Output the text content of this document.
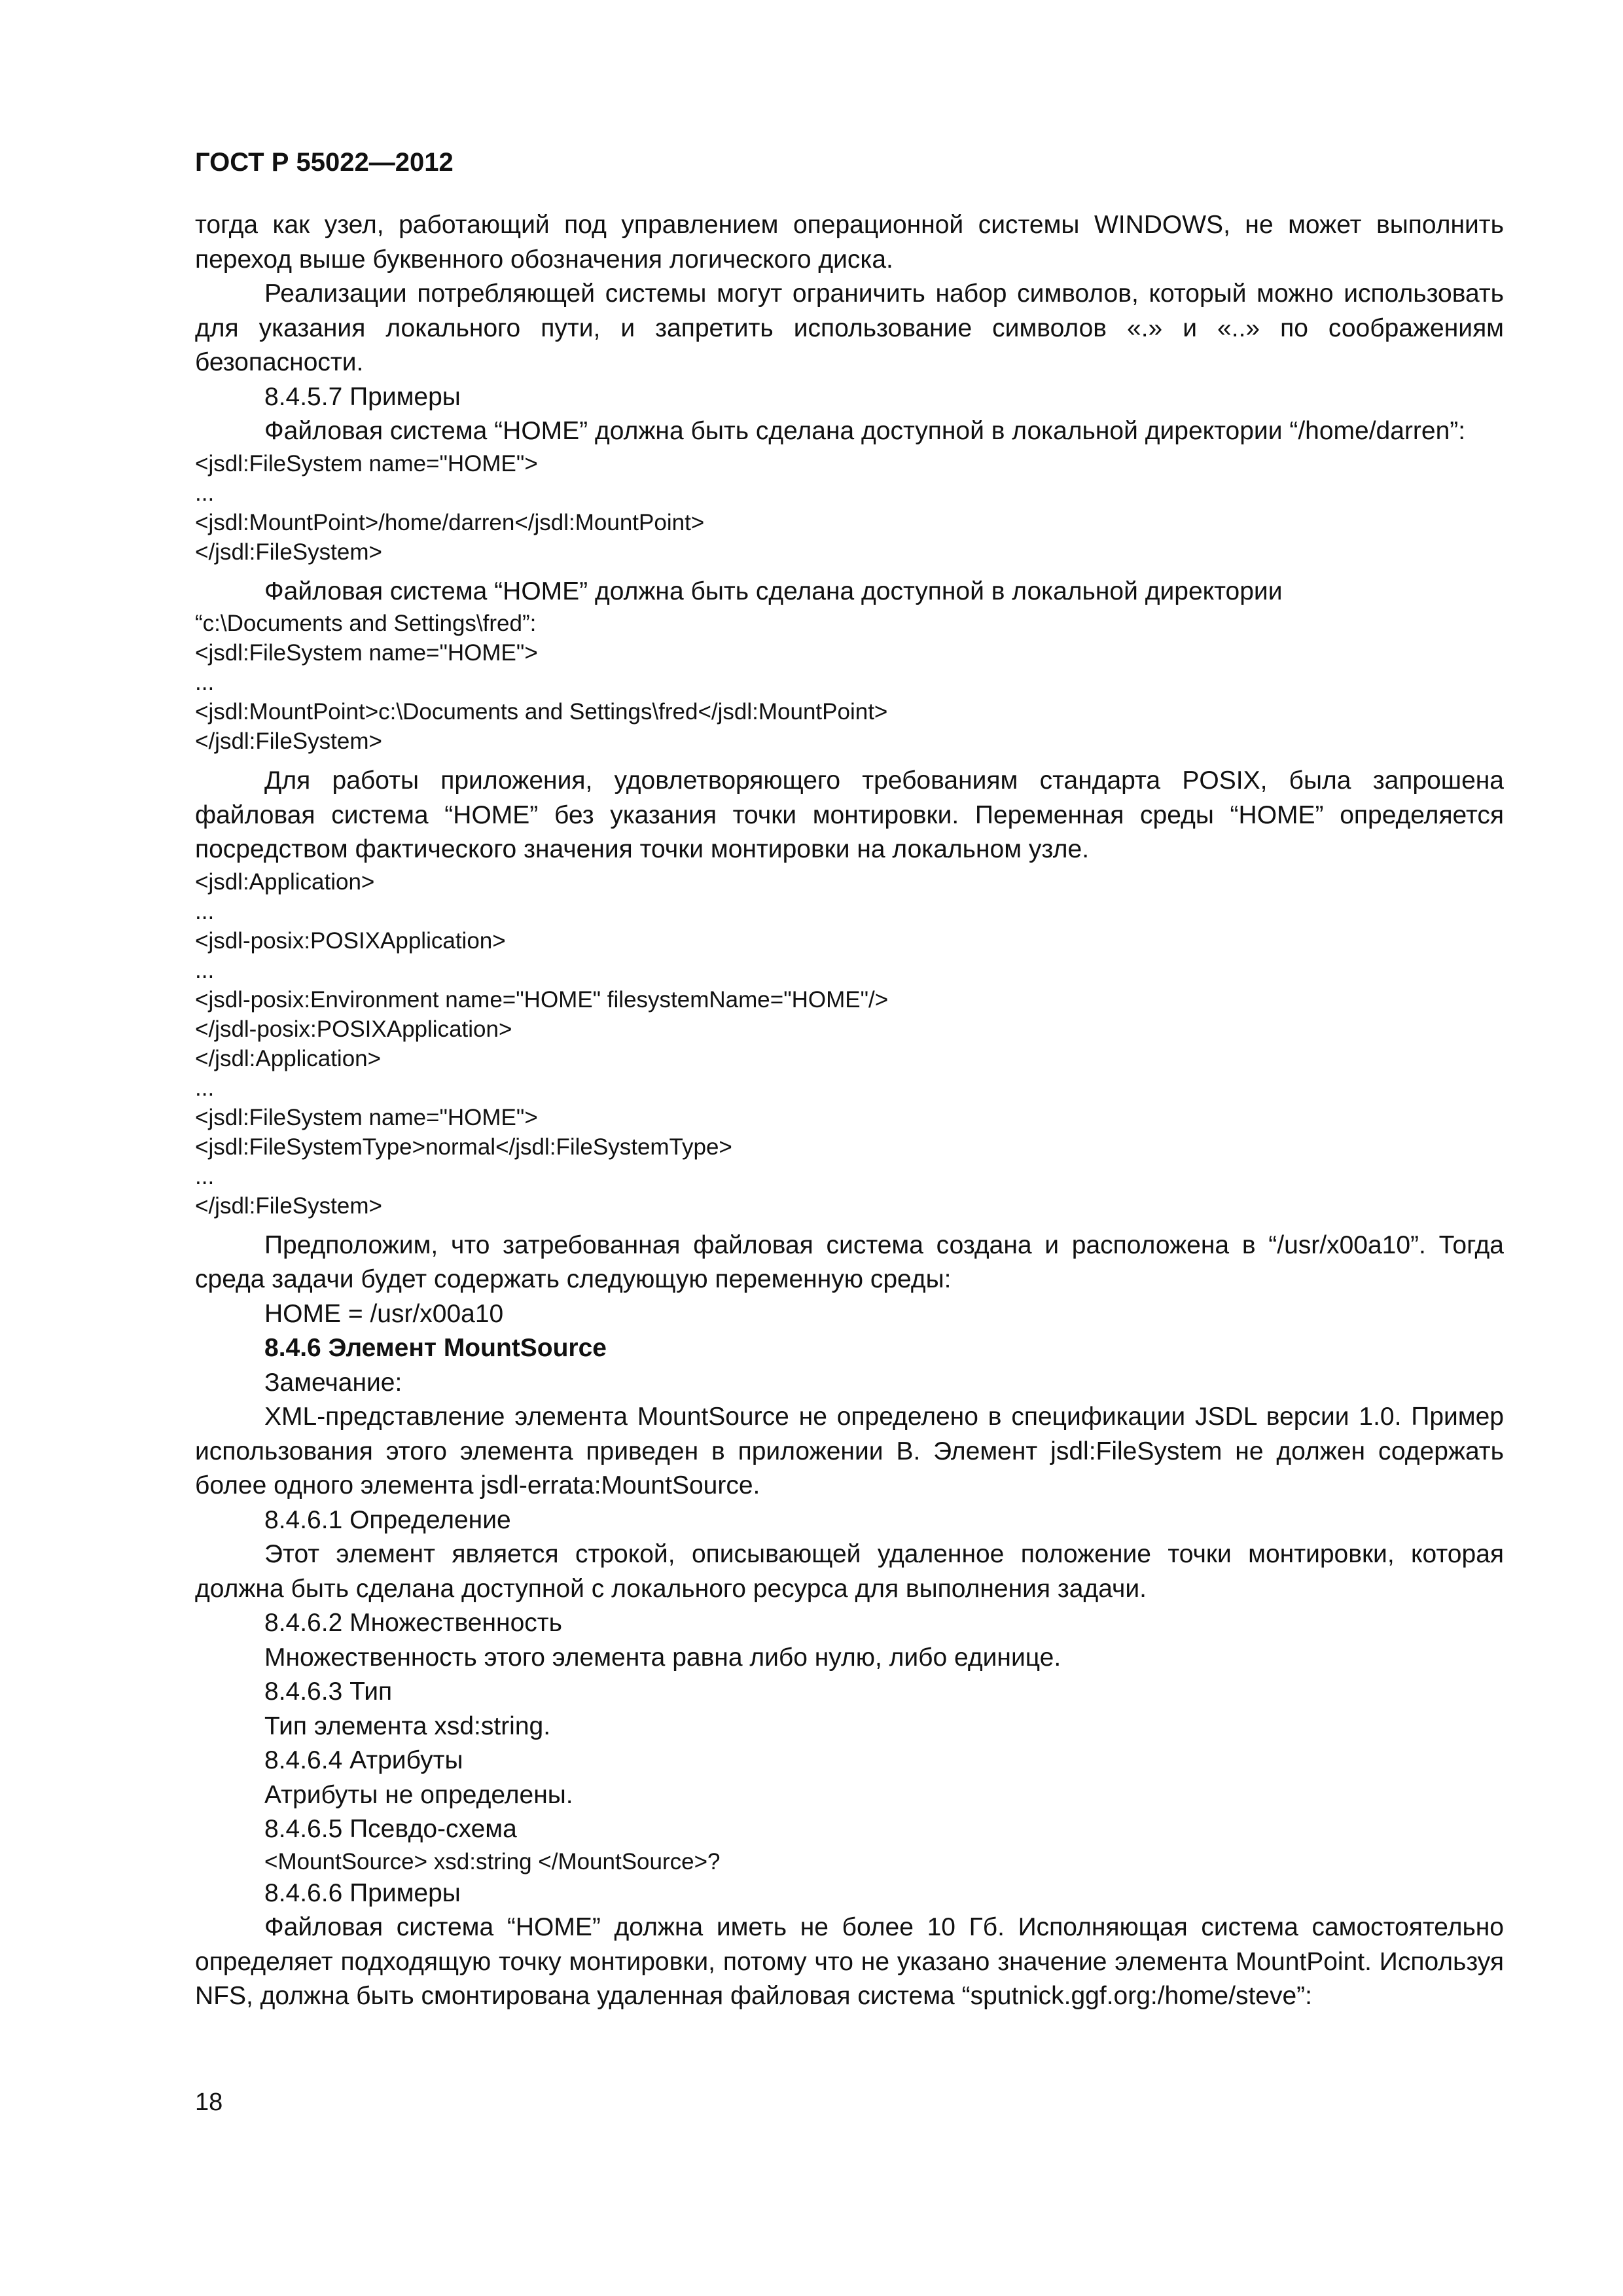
ГОСТ Р 55022—2012

тогда как узел, работающий под управлением операционной системы WINDOWS, не может выполнить переход выше буквенного обозначения логического диска.

Реализации потребляющей системы могут ограничить набор символов, который можно использовать для указания локального пути, и запретить использование символов «.» и «..» по соображениям безопасности.

8.4.5.7 Примеры

Файловая система “HOME” должна быть сделана доступной в локальной директории “/home/darren”:

<jsdl:FileSystem name="HOME">
...
<jsdl:MountPoint>/home/darren</jsdl:MountPoint>
</jsdl:FileSystem>

Файловая система “HOME” должна быть сделана доступной в локальной директории

“c:\Documents and Settings\fred”:
<jsdl:FileSystem name="HOME">
...
<jsdl:MountPoint>c:\Documents and Settings\fred</jsdl:MountPoint>
</jsdl:FileSystem>

Для работы приложения, удовлетворяющего требованиям стандарта POSIX, была запрошена файловая система “HOME” без указания точки монтировки. Переменная среды “HOME” определяется посредством фактического значения точки монтировки на локальном узле.

<jsdl:Application>
...
<jsdl-posix:POSIXApplication>
...
<jsdl-posix:Environment name="HOME" filesystemName="HOME"/>
</jsdl-posix:POSIXApplication>
</jsdl:Application>
...
<jsdl:FileSystem name="HOME">
<jsdl:FileSystemType>normal</jsdl:FileSystemType>
...
</jsdl:FileSystem>

Предположим, что затребованная файловая система создана и расположена в “/usr/x00a10”. Тогда среда задачи будет содержать следующую переменную среды:

HOME = /usr/x00a10

8.4.6 Элемент MountSource

Замечание:

XML-представление элемента MountSource не определено в спецификации JSDL версии 1.0. Пример использования этого элемента приведен в приложении В. Элемент jsdl:FileSystem не должен содержать более одного элемента jsdl-errata:MountSource.

8.4.6.1 Определение

Этот элемент является строкой, описывающей удаленное положение точки монтировки, которая должна быть сделана доступной с локального ресурса для выполнения задачи.

8.4.6.2 Множественность

Множественность этого элемента равна либо нулю, либо единице.

8.4.6.3 Тип

Тип элемента xsd:string.

8.4.6.4 Атрибуты

Атрибуты не определены.

8.4.6.5 Псевдо-схема

<MountSource> xsd:string </MountSource>?

8.4.6.6 Примеры

Файловая система “HOME” должна иметь не более 10 Гб. Исполняющая система самостоятельно определяет подходящую точку монтировки, потому что не указано значение элемента MountPoint. Используя NFS, должна быть смонтирована удаленная файловая система “sputnick.ggf.org:/home/steve”:

18
